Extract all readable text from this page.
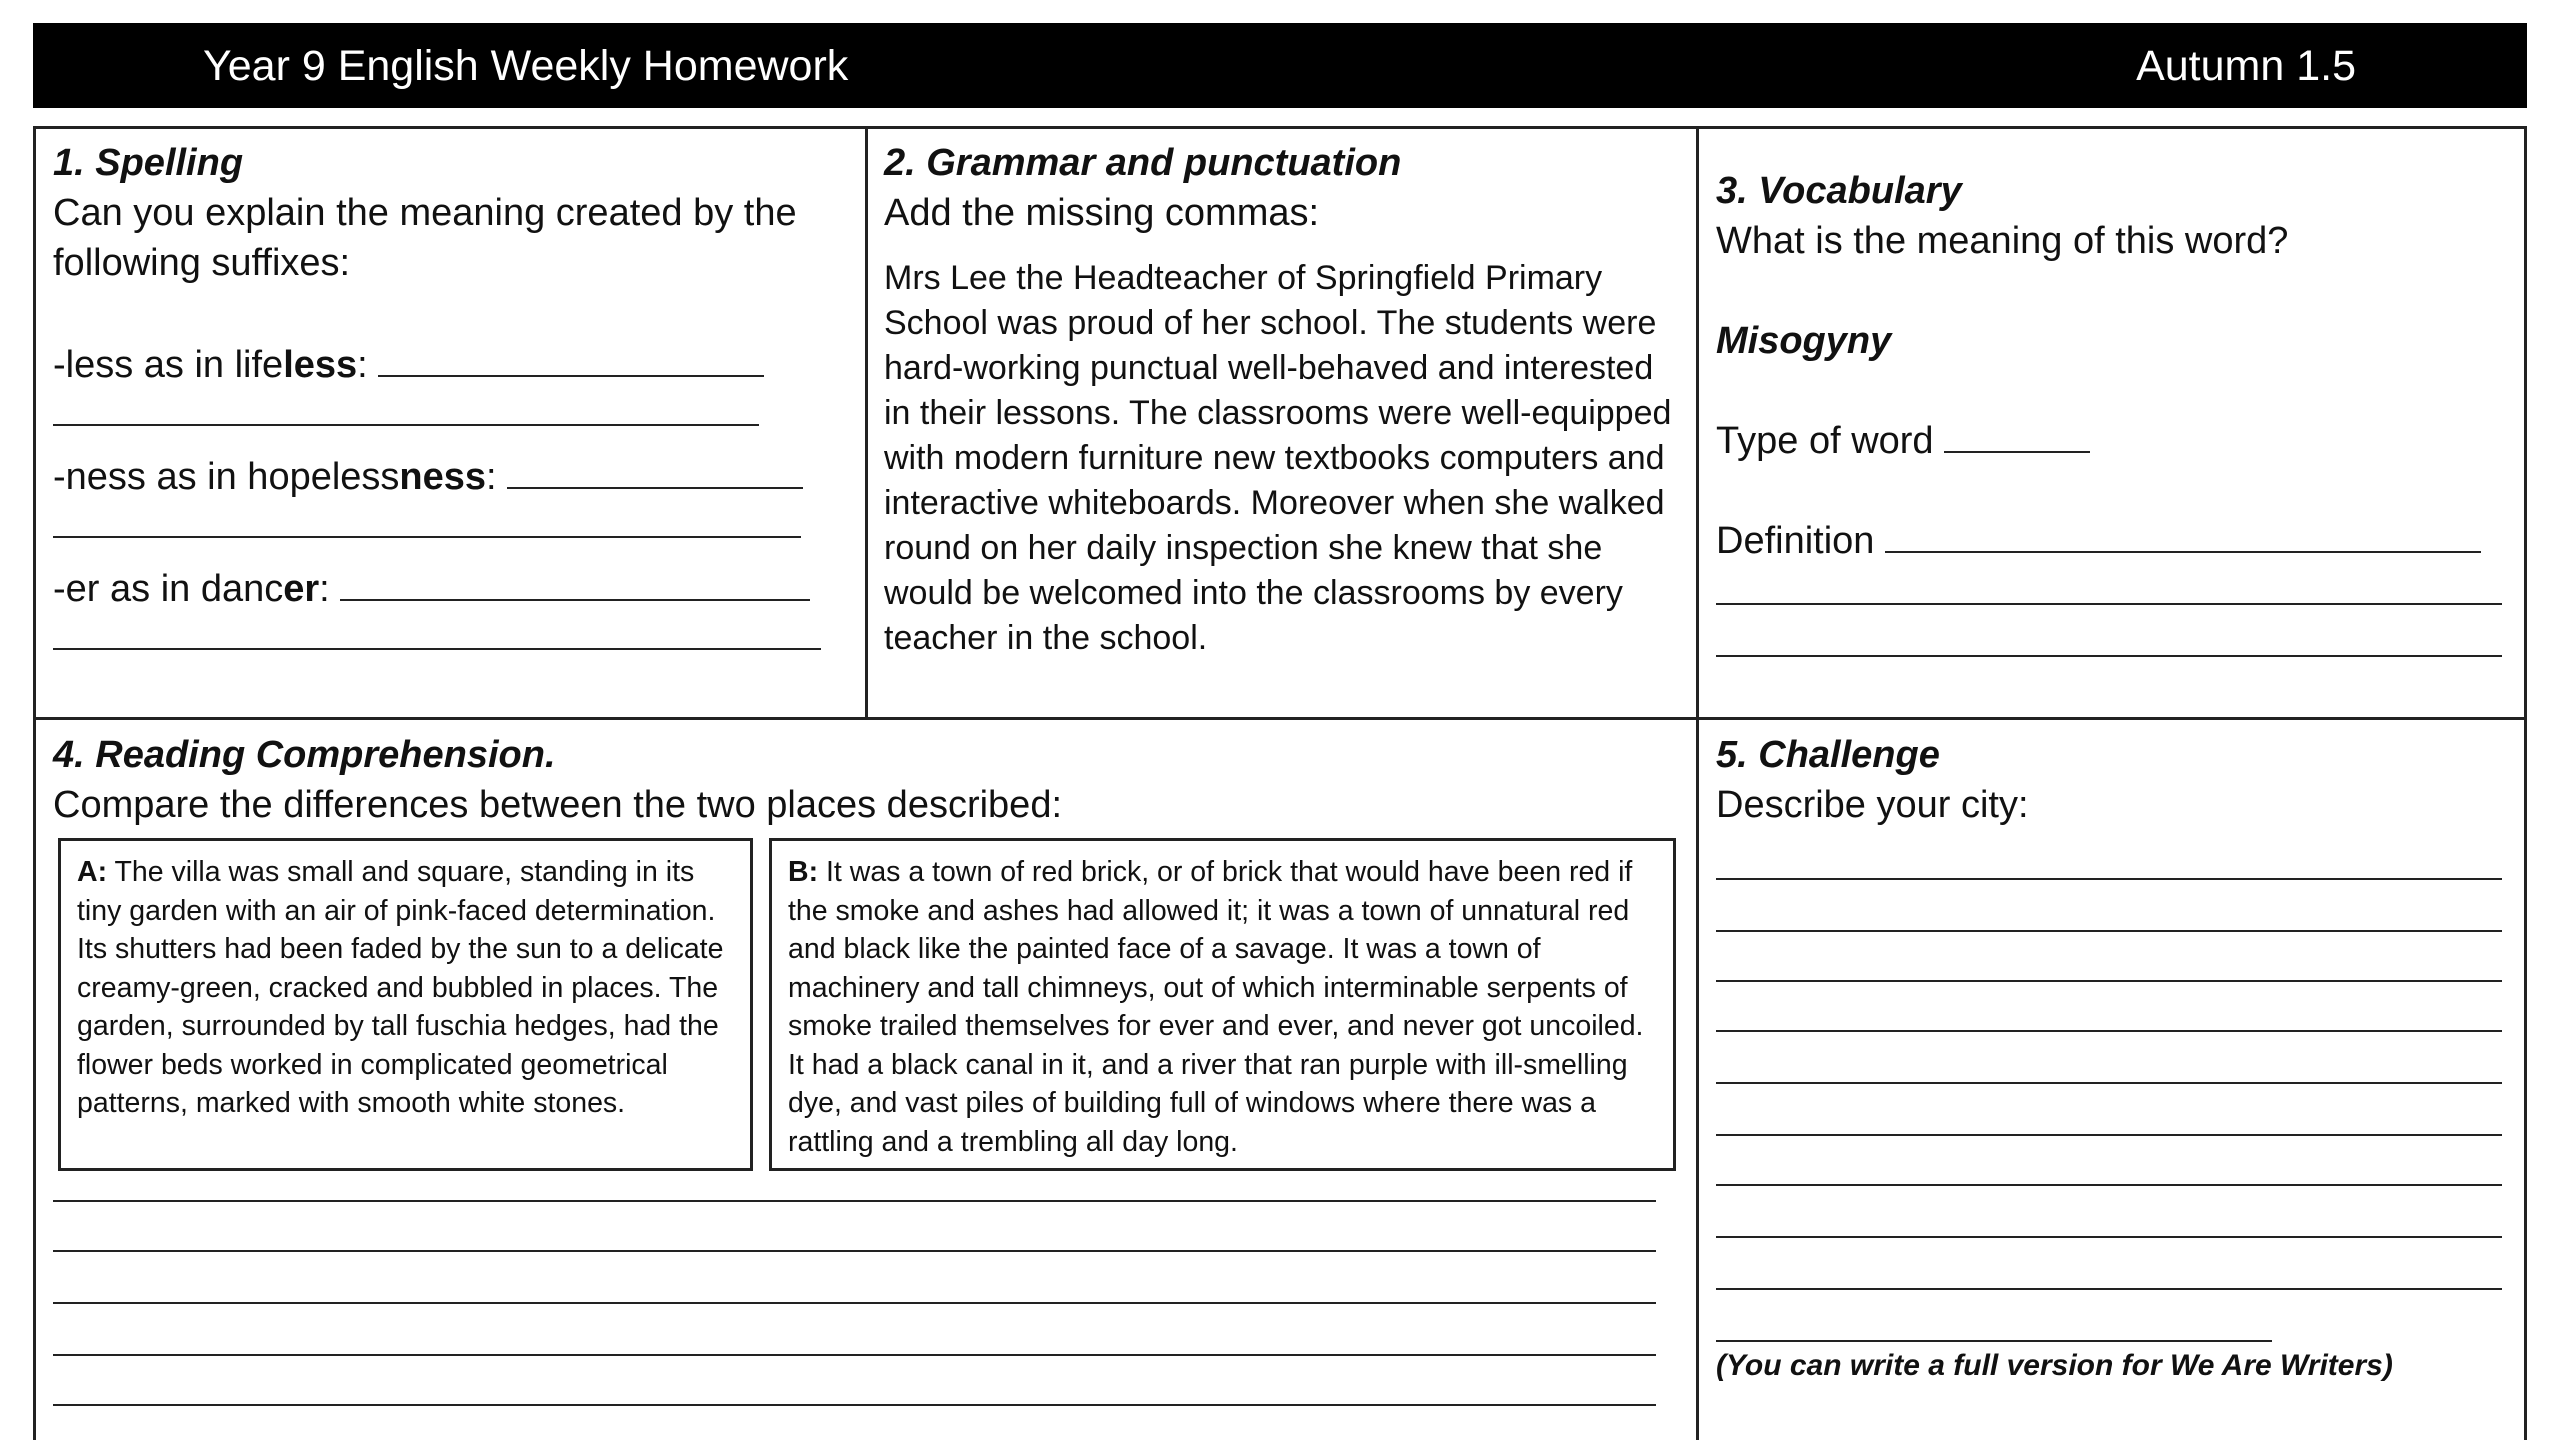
Year 9 English Weekly Homework	Autumn 1.5
1. Spelling
Can you explain the meaning created by the following suffixes:
-less as in lifeless:
-ness as in hopelessness:
-er as in dancer:
2. Grammar and punctuation
Add the missing commas:
Mrs Lee the Headteacher of Springfield Primary School was proud of her school. The students were hard-working punctual well-behaved and interested in their lessons. The classrooms were well-equipped with modern furniture new textbooks computers and interactive whiteboards. Moreover when she walked round on her daily inspection she knew that she would be welcomed into the classrooms by every teacher in the school.
3. Vocabulary
What is the meaning of this word?
Misogyny
Type of word
Definition
4. Reading Comprehension.
Compare the differences between the two places described:
A: The villa was small and square, standing in its tiny garden with an air of pink-faced determination. Its shutters had been faded by the sun to a delicate creamy-green, cracked and bubbled in places. The garden, surrounded by tall fuschia hedges, had the flower beds worked in complicated geometrical patterns, marked with smooth white stones.
B: It was a town of red brick, or of brick that would have been red if the smoke and ashes had allowed it; it was a town of unnatural red and black like the painted face of a savage. It was a town of machinery and tall chimneys, out of which interminable serpents of smoke trailed themselves for ever and ever, and never got uncoiled. It had a black canal in it, and a river that ran purple with ill-smelling dye, and vast piles of building full of windows where there was a rattling and a trembling all day long.
5. Challenge
Describe your city:
(You can write a full version for We Are Writers)
